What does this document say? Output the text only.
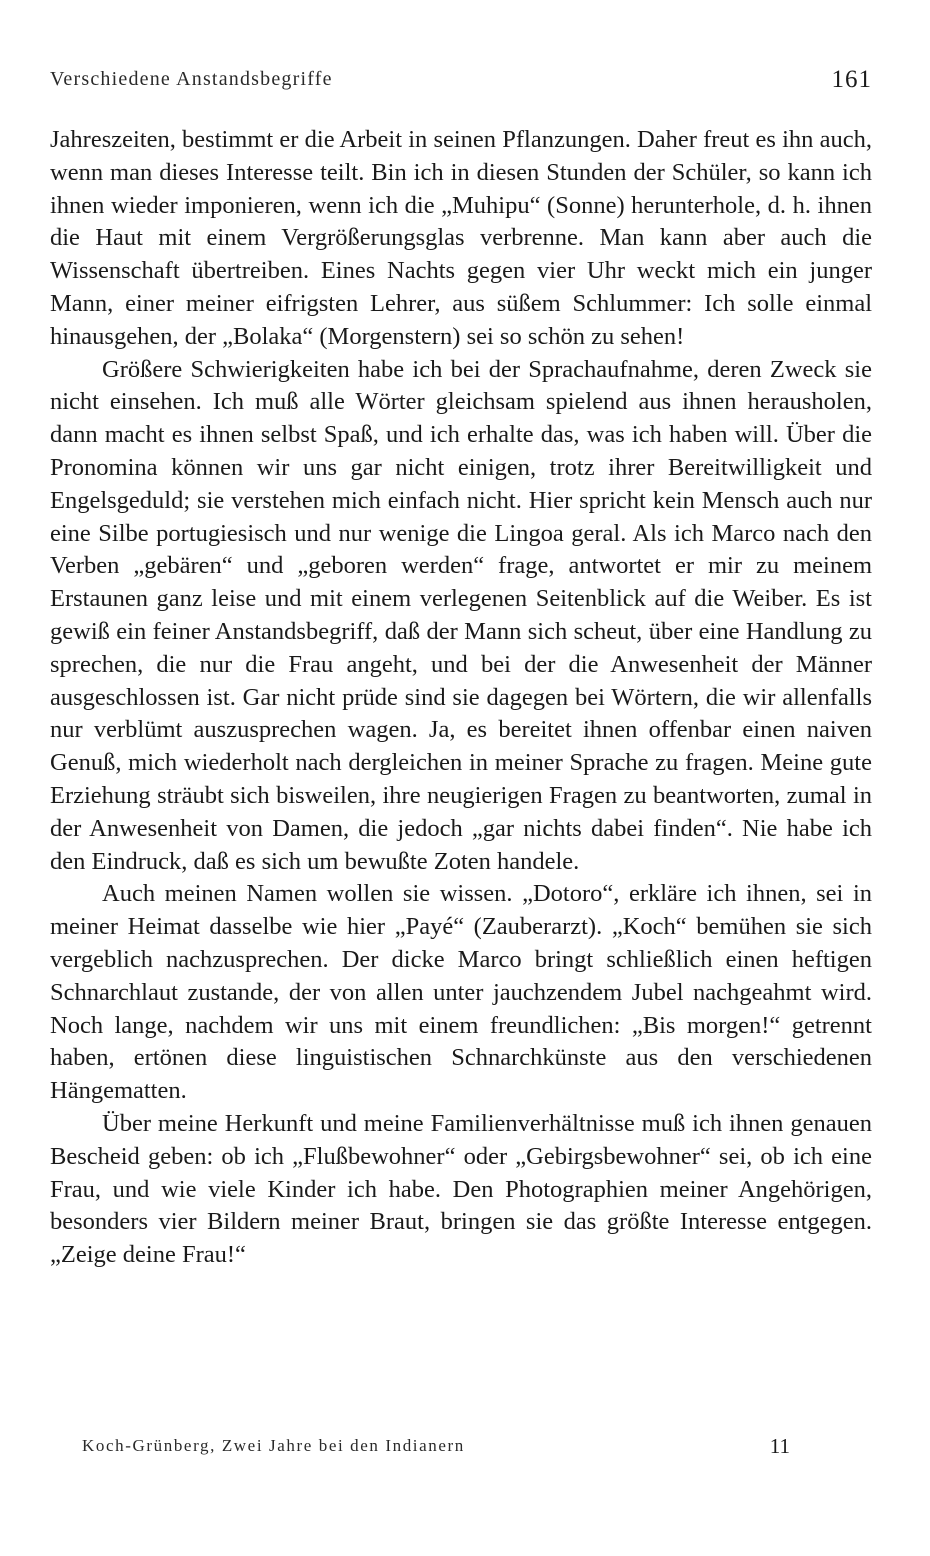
Verschiedene Anstandsbegriffe	161

Jahreszeiten, bestimmt er die Arbeit in seinen Pflanzungen. Daher freut es ihn auch, wenn man dieses Interesse teilt. Bin ich in diesen Stunden der Schüler, so kann ich ihnen wieder imponieren, wenn ich die „Muhipu“ (Sonne) herunterhole, d. h. ihnen die Haut mit einem Vergrößerungsglas verbrenne. Man kann aber auch die Wissenschaft übertreiben. Eines Nachts gegen vier Uhr weckt mich ein junger Mann, einer meiner eifrigsten Lehrer, aus süßem Schlummer: Ich solle einmal hinausgehen, der „Bolaka“ (Morgenstern) sei so schön zu sehen!

Größere Schwierigkeiten habe ich bei der Sprachaufnahme, deren Zweck sie nicht einsehen. Ich muß alle Wörter gleichsam spielend aus ihnen herausholen, dann macht es ihnen selbst Spaß, und ich erhalte das, was ich haben will. Über die Pronomina können wir uns gar nicht einigen, trotz ihrer Bereitwilligkeit und Engelsgeduld; sie verstehen mich einfach nicht. Hier spricht kein Mensch auch nur eine Silbe portugiesisch und nur wenige die Lingoa geral. Als ich Marco nach den Verben „gebären“ und „geboren werden“ frage, antwortet er mir zu meinem Erstaunen ganz leise und mit einem verlegenen Seitenblick auf die Weiber. Es ist gewiß ein feiner Anstandsbegriff, daß der Mann sich scheut, über eine Handlung zu sprechen, die nur die Frau angeht, und bei der die Anwesenheit der Männer ausgeschlossen ist. Gar nicht prüde sind sie dagegen bei Wörtern, die wir allenfalls nur verblümt auszusprechen wagen. Ja, es bereitet ihnen offenbar einen naiven Genuß, mich wiederholt nach dergleichen in meiner Sprache zu fragen. Meine gute Erziehung sträubt sich bisweilen, ihre neugierigen Fragen zu beantworten, zumal in der Anwesenheit von Damen, die jedoch „gar nichts dabei finden“. Nie habe ich den Eindruck, daß es sich um bewußte Zoten handele.

Auch meinen Namen wollen sie wissen. „Dotoro“, erkläre ich ihnen, sei in meiner Heimat dasselbe wie hier „Payé“ (Zauberarzt). „Koch“ bemühen sie sich vergeblich nachzusprechen. Der dicke Marco bringt schließlich einen heftigen Schnarchlaut zustande, der von allen unter jauchzendem Jubel nachgeahmt wird. Noch lange, nachdem wir uns mit einem freundlichen: „Bis morgen!“ getrennt haben, ertönen diese linguistischen Schnarchkünste aus den verschiedenen Hängematten.

Über meine Herkunft und meine Familienverhältnisse muß ich ihnen genauen Bescheid geben: ob ich „Flußbewohner“ oder „Gebirgsbewohner“ sei, ob ich eine Frau, und wie viele Kinder ich habe. Den Photographien meiner Angehörigen, besonders vier Bildern meiner Braut, bringen sie das größte Interesse entgegen. „Zeige deine Frau!“

Koch-Grünberg, Zwei Jahre bei den Indianern	11
